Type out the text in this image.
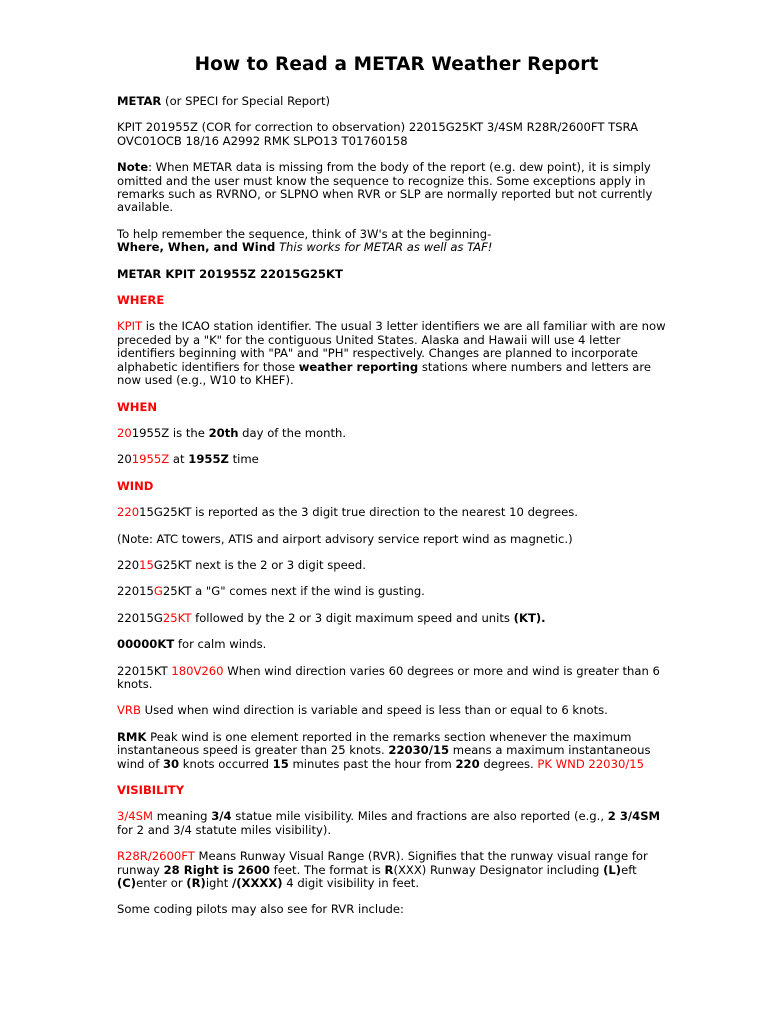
How to Read a METAR Weather Report

METAR (or SPECI for Special Report)

KPIT 201955Z (COR for correction to observation) 22015G25KT 3/4SM R28R/2600FT TSRA OVC01OCB 18/16 A2992 RMK SLPO13 T01760158

Note: When METAR data is missing from the body of the report (e.g. dew point), it is simply omitted and the user must know the sequence to recognize this. Some exceptions apply in remarks such as RVRNO, or SLPNO when RVR or SLP are normally reported but not currently available.

To help remember the sequence, think of 3W's at the beginning-
Where, When, and Wind This works for METAR as well as TAF!

METAR KPIT 201955Z 22015G25KT

WHERE

KPIT is the ICAO station identifier. The usual 3 letter identifiers we are all familiar with are now preceded by a "K" for the contiguous United States. Alaska and Hawaii will use 4 letter identifiers beginning with "PA" and "PH" respectively. Changes are planned to incorporate alphabetic identifiers for those weather reporting stations where numbers and letters are now used (e.g., W10 to KHEF).

WHEN

201955Z is the 20th day of the month.

201955Z at 1955Z time

WIND

22015G25KT is reported as the 3 digit true direction to the nearest 10 degrees.

(Note: ATC towers, ATIS and airport advisory service report wind as magnetic.)

22015G25KT next is the 2 or 3 digit speed.

22015G25KT a "G" comes next if the wind is gusting.

22015G25KT followed by the 2 or 3 digit maximum speed and units (KT).

00000KT for calm winds.

22015KT 180V260 When wind direction varies 60 degrees or more and wind is greater than 6 knots.

VRB Used when wind direction is variable and speed is less than or equal to 6 knots.

RMK Peak wind is one element reported in the remarks section whenever the maximum instantaneous speed is greater than 25 knots. 22030/15 means a maximum instantaneous wind of 30 knots occurred 15 minutes past the hour from 220 degrees. PK WND 22030/15

VISIBILITY

3/4SM meaning 3/4 statue mile visibility. Miles and fractions are also reported (e.g., 2 3/4SM for 2 and 3/4 statute miles visibility).

R28R/2600FT Means Runway Visual Range (RVR). Signifies that the runway visual range for runway 28 Right is 2600 feet. The format is R(XXX) Runway Designator including (L)eft (C)enter or (R)ight /(XXXX) 4 digit visibility in feet.

Some coding pilots may also see for RVR include:
